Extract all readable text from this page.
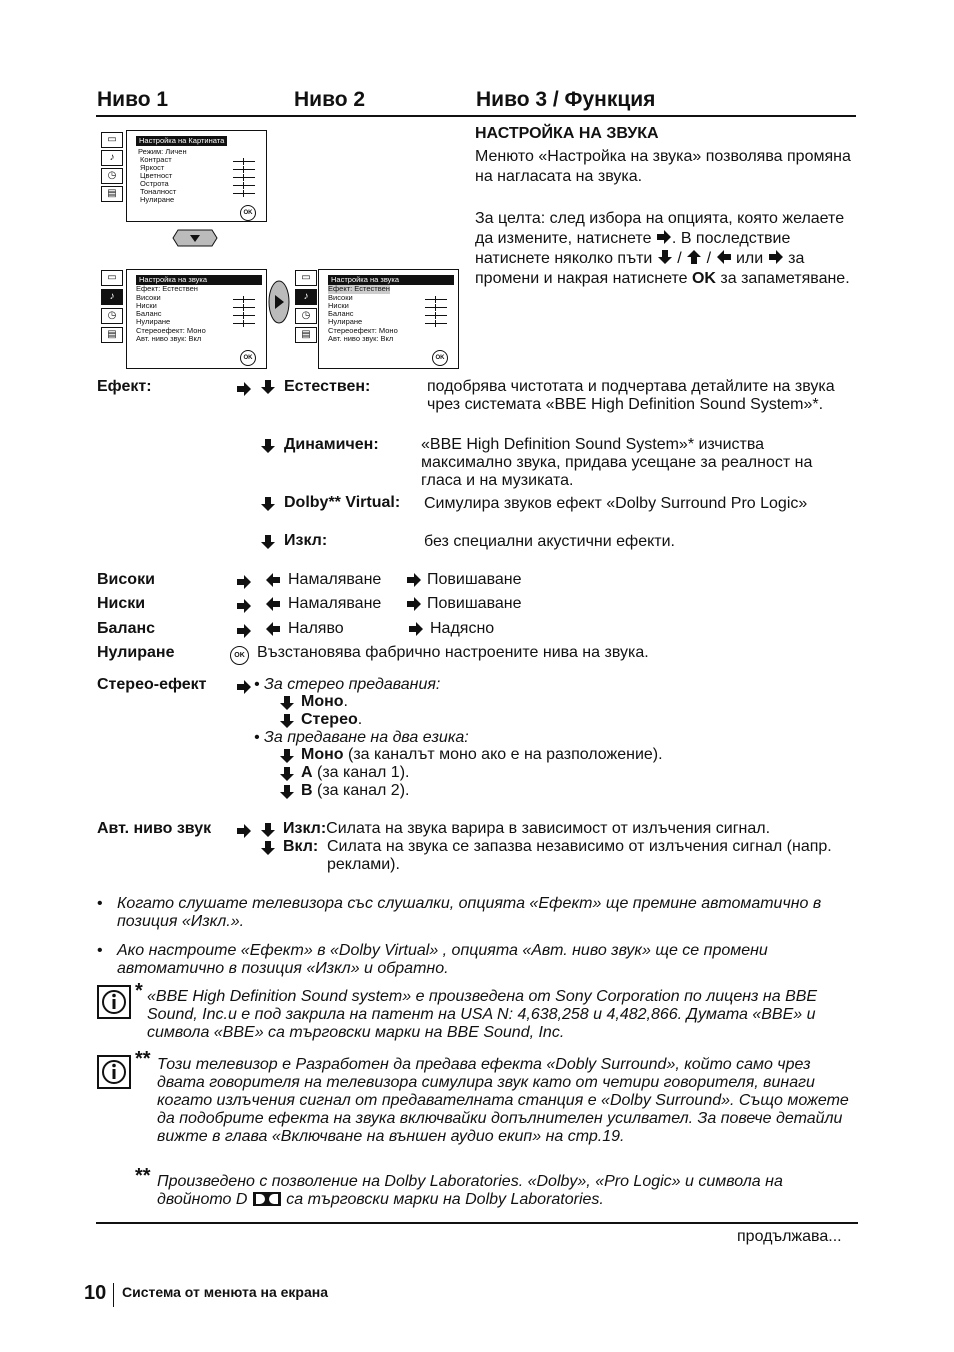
Ниво 1	Ниво 2	Ниво 3 / Функция
▭
♪
◷
▤
Настройка на Картината
Режим: Личен
Контраст
Яркост
Цветност
Острота
Тоналност
Нулиране
OK
▭
♪
◷
▤
Настройка на звука
Ефект: Естествен
Високи
Ниски
Баланс
Нулиране
Стереоефект: Моно
Авт. ниво звук: Вкл
OK
▭
♪
◷
▤
Настройка на звука
Ефект: Естествен
Високи
Ниски
Баланс
Нулиране
Стереоефект: Моно
Авт. ниво звук: Вкл
OK
НАСТРОЙКА НА ЗВУКА
Менюто «Настройка на звука» позволява промяна на нагласата на звука.
За целта: след избора на опцията, която желаете да измените, натиснете . В последствие натиснете няколко пъти / / или за промени и накрая натиснете OK за запаметяване.
Ефект:	Естествен:	подобрява чистотата и подчертава детайлите на звука чрез системата «BBE High Definition Sound System»*.
Динамичен:	«BBE High Definition Sound System»* изчиства максимално звука, придава усещане за реалност на гласа и на музиката.
Dolby** Virtual: Симулира звуков ефект «Dolby Surround Pro Logic»
Изкл:	без специални акустични ефекти.
Високи	Намаляване	Повишаване
Ниски	Намаляване	Повишаване
Баланс	Наляво	Надясно
Нулиране	OK Възстановява фабрично настроените нива на звука.
Стерео-ефект	• За стерео предавания:
Моно.
Стерео.
• За предаване на два езика:
Моно (за каналът моно ако е на разположение).
A (за канал 1).
B (за канал 2).
Авт. ниво звук	Изкл:Силата на звука варира в зависимост от излъчения сигнал.
Вкл: Силата на звука се запазва независимо от излъчения сигнал (напр. реклами).
• Когато слушате телевизора със слушалки, опцията «Ефект» ще премине автоматично в позиция «Изкл.».
• Ако настроите «Ефект» в «Dolby Virtual» , опцията «Авт. ниво звук» ще се промени автоматично в позиция «Изкл» и обратно.
* «BBE High Definition Sound system» е произведена от Sony Corporation по лиценз на BBE Sound, Inc.и е под закрила на патент на USA N: 4,638,258 и 4,482,866. Думата «BBE» и символа «BBE» са търговски марки на BBE Sound, Inc.
** Този телевизор е Разработен да предава ефекта «Dobly Surround», който само чрез двата говорителя на телевизора симулира звук като от четири говорителя, винаги когато излъчения сигнал от предавателната станция е «Dolby Surround». Също можете да подобрите ефекта на звука включвайки допълнителен усилвател. За повече детайли вижте в глава «Включване на външен аудио екип» на стр.19.
** Произведено с позволение на Dolby Laboratories. «Dolby», «Pro Logic» и символа на двойното D са търговски марки на Dolby Laboratories.
продължава...
10 Система от менюта на екрана
